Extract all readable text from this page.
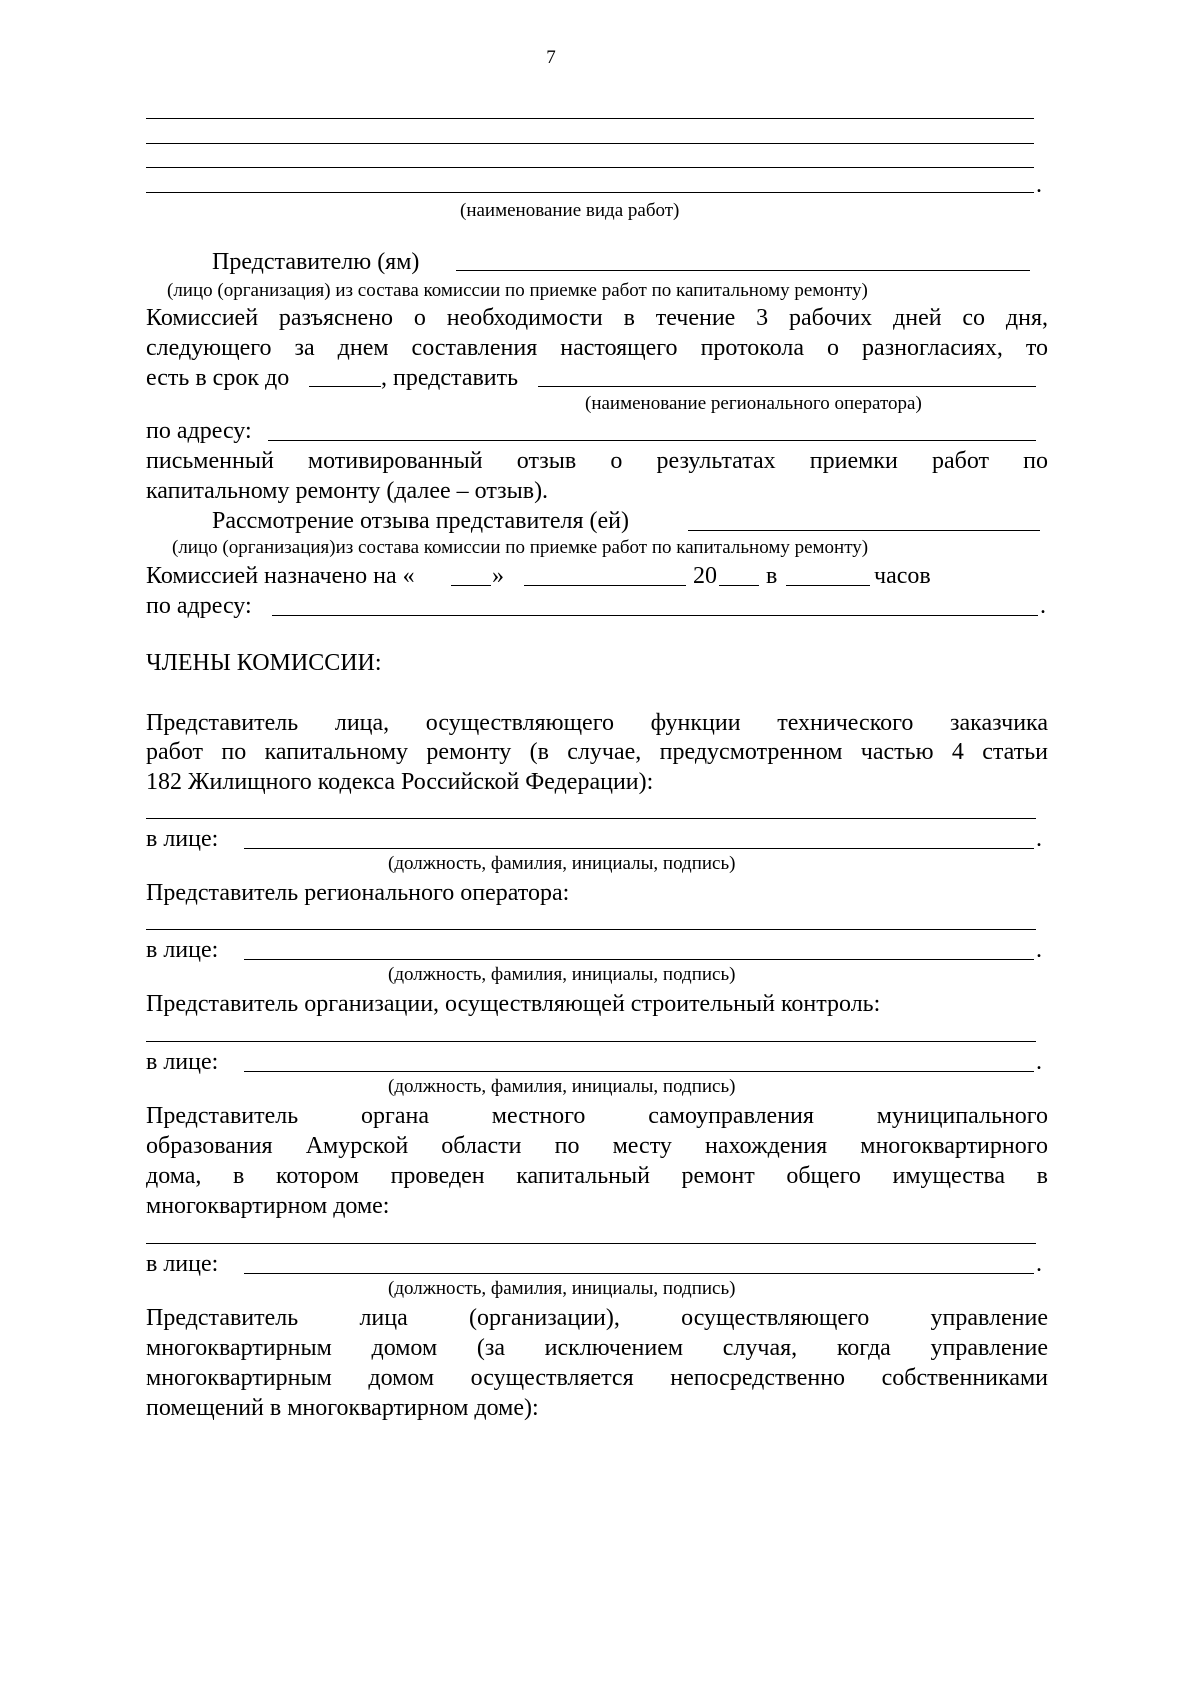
7
.
(наименование вида работ)
Представителю (ям)
(лицо (организация) из состава комиссии по приемке работ по капитальному ремонту)
Комиссией разъяснено о необходимости в течение 3 рабочих дней со дня,
следующего за днем составления настоящего протокола о разногласиях, то
есть в срок до	, представить
(наименование регионального оператора)
по адресу:
письменный мотивированный отзыв о результатах приемки работ по
капитальному ремонту (далее – отзыв).
Рассмотрение отзыва представителя (ей)
(лицо (организация)из состава комиссии по приемке работ по капитальному ремонту)
Комиссией назначено на «	»	20 в	часов
по адресу:	.
ЧЛЕНЫ КОМИССИИ:
Представитель лица, осуществляющего функции технического заказчика
работ по капитальному ремонту (в случае, предусмотренном частью 4 статьи
182 Жилищного кодекса Российской Федерации):
в лице:	.
(должность, фамилия, инициалы, подпись)
Представитель регионального оператора:
в лице:	.
(должность, фамилия, инициалы, подпись)
Представитель организации, осуществляющей строительный контроль:
в лице:	.
(должность, фамилия, инициалы, подпись)
Представитель органа местного самоуправления муниципального
образования Амурской области по месту нахождения многоквартирного
дома, в котором проведен капитальный ремонт общего имущества в
многоквартирном доме:
в лице:	.
(должность, фамилия, инициалы, подпись)
Представитель лица (организации), осуществляющего управление
многоквартирным домом (за исключением случая, когда управление
многоквартирным домом осуществляется непосредственно собственниками
помещений в многоквартирном доме):
